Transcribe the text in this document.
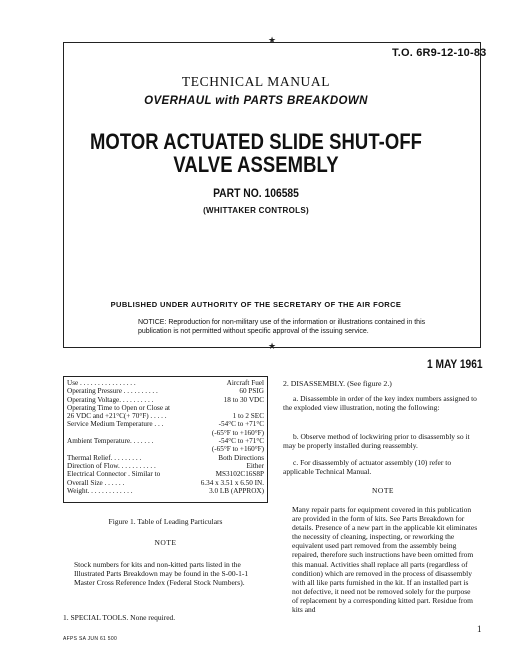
★
★
T.O. 6R9-12-10-83
TECHNICAL MANUAL
OVERHAUL with PARTS BREAKDOWN
MOTOR ACTUATED SLIDE SHUT-OFF
VALVE ASSEMBLY
PART NO. 106585
(WHITTAKER CONTROLS)
PUBLISHED UNDER AUTHORITY OF THE SECRETARY OF THE AIR FORCE
NOTICE: Reproduction for non-military use of the information or illustrations contained in this publication is not permitted without specific approval of the issuing service.
1 MAY 1961
Use . . . . . . . . . . . . . . . .	Aircraft Fuel
Operating Pressure . . . . . . . . . .	60 PSIG
Operating Voltage. . . . . . . . . .	18 to 30 VDC
Operating Time to Open or Close at
26 VDC and +21°C(+ 70°F) . . . . .	1 to 2 SEC
Service Medium Temperature . . .	-54°C to +71°C
(-65°F to +160°F)
Ambient Temperature. . . . . . .	-54°C to +71°C
(-65°F to +160°F)
Thermal Relief. . . . . . . . .	Both Directions
Direction of Flow. . . . . . . . . . .	Either
Electrical Connector . Similar to	MS3102C16S8P
Overall Size . . . . . .	6.34 x 3.51 x 6.50 IN.
Weight. . . . . . . . . . . . .	3.0 LB (APPROX)
Figure 1. Table of Leading Particulars
NOTE
Stock numbers for kits and non-kitted parts listed in the Illustrated Parts Breakdown may be found in the S-00-1-1 Master Cross Reference Index (Federal Stock Numbers).
1. SPECIAL TOOLS. None required.
AFPS SA JUN 61 500
2. DISASSEMBLY. (See figure 2.)
a. Disassemble in order of the key index numbers assigned to the exploded view illustration, noting the following:
b. Observe method of lockwiring prior to disassembly so it may be properly installed during reassembly.
c. For disassembly of actuator assembly (10) refer to applicable Technical Manual.
NOTE
Many repair parts for equipment covered in this publication are provided in the form of kits. See Parts Breakdown for details. Presence of a new part in the applicable kit eliminates the necessity of cleaning, inspecting, or reworking the equivalent used part removed from the assembly being repaired, therefore such instructions have been omitted from this manual. Activities shall replace all parts (regardless of condition) which are removed in the process of disassembly with all like parts furnished in the kit. If an installed part is not defective, it need not be removed solely for the purpose of replacement by a corresponding kitted part. Residue from kits and
1
